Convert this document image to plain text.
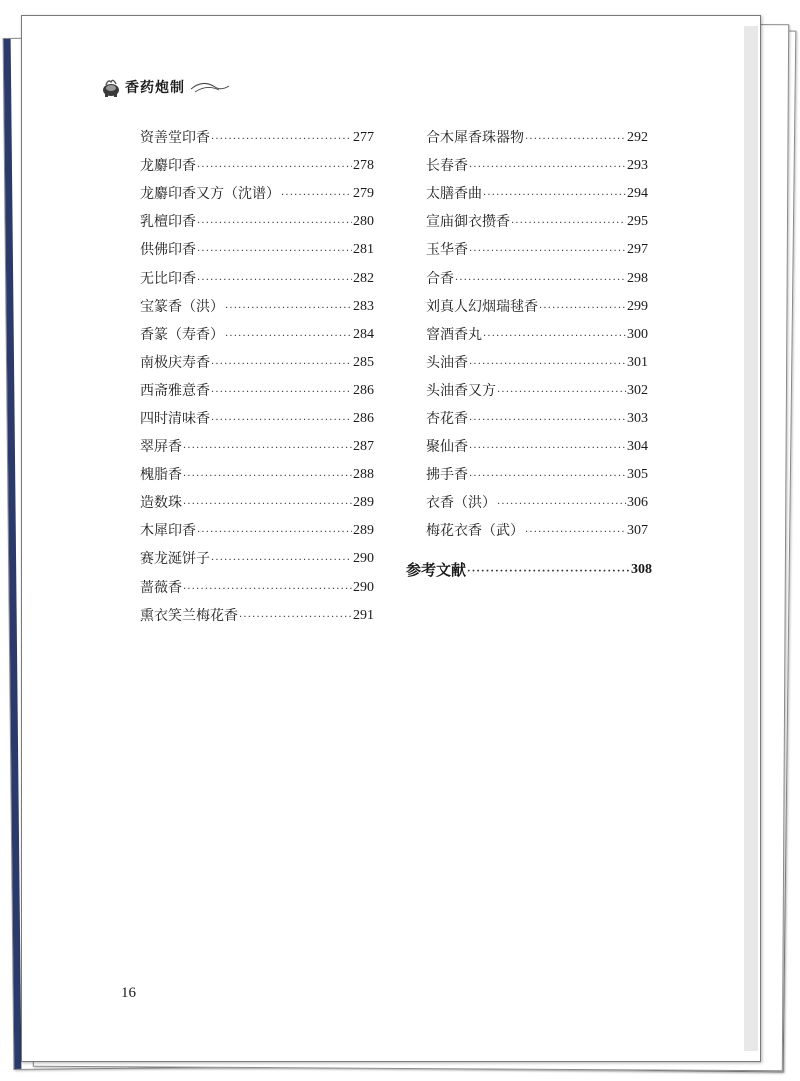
香药炮制
资善堂印香 ·····	277
龙麝印香 ·····	278
龙麝印香又方（沈谱） ·····	279
乳檀印香 ·····	280
供佛印香 ·····	281
无比印香 ·····	282
宝篆香（洪） ·····	283
香篆（寿香） ·····	284
南极庆寿香 ·····	285
西斋雅意香 ·····	286
四时清味香 ·····	286
翠屏香 ·····	287
槐脂香 ·····	288
造数珠 ·····	289
木犀印香 ·····	289
赛龙涎饼子 ·····	290
蔷薇香 ·····	290
熏衣笑兰梅花香 ·····	291
合木犀香珠器物 ·····	292
长春香 ·····	293
太膳香曲 ·····	294
宣庙御衣攒香 ·····	295
玉华香 ·····	297
合香 ·····	298
刘真人幻烟瑞毬香 ·····	299
窨酒香丸 ·····	300
头油香 ·····	301
头油香又方 ·····	302
杏花香 ·····	303
聚仙香 ·····	304
拂手香 ·····	305
衣香（洪） ·····	306
梅花衣香（武） ·····	307
参考文献 ·····	308
16
